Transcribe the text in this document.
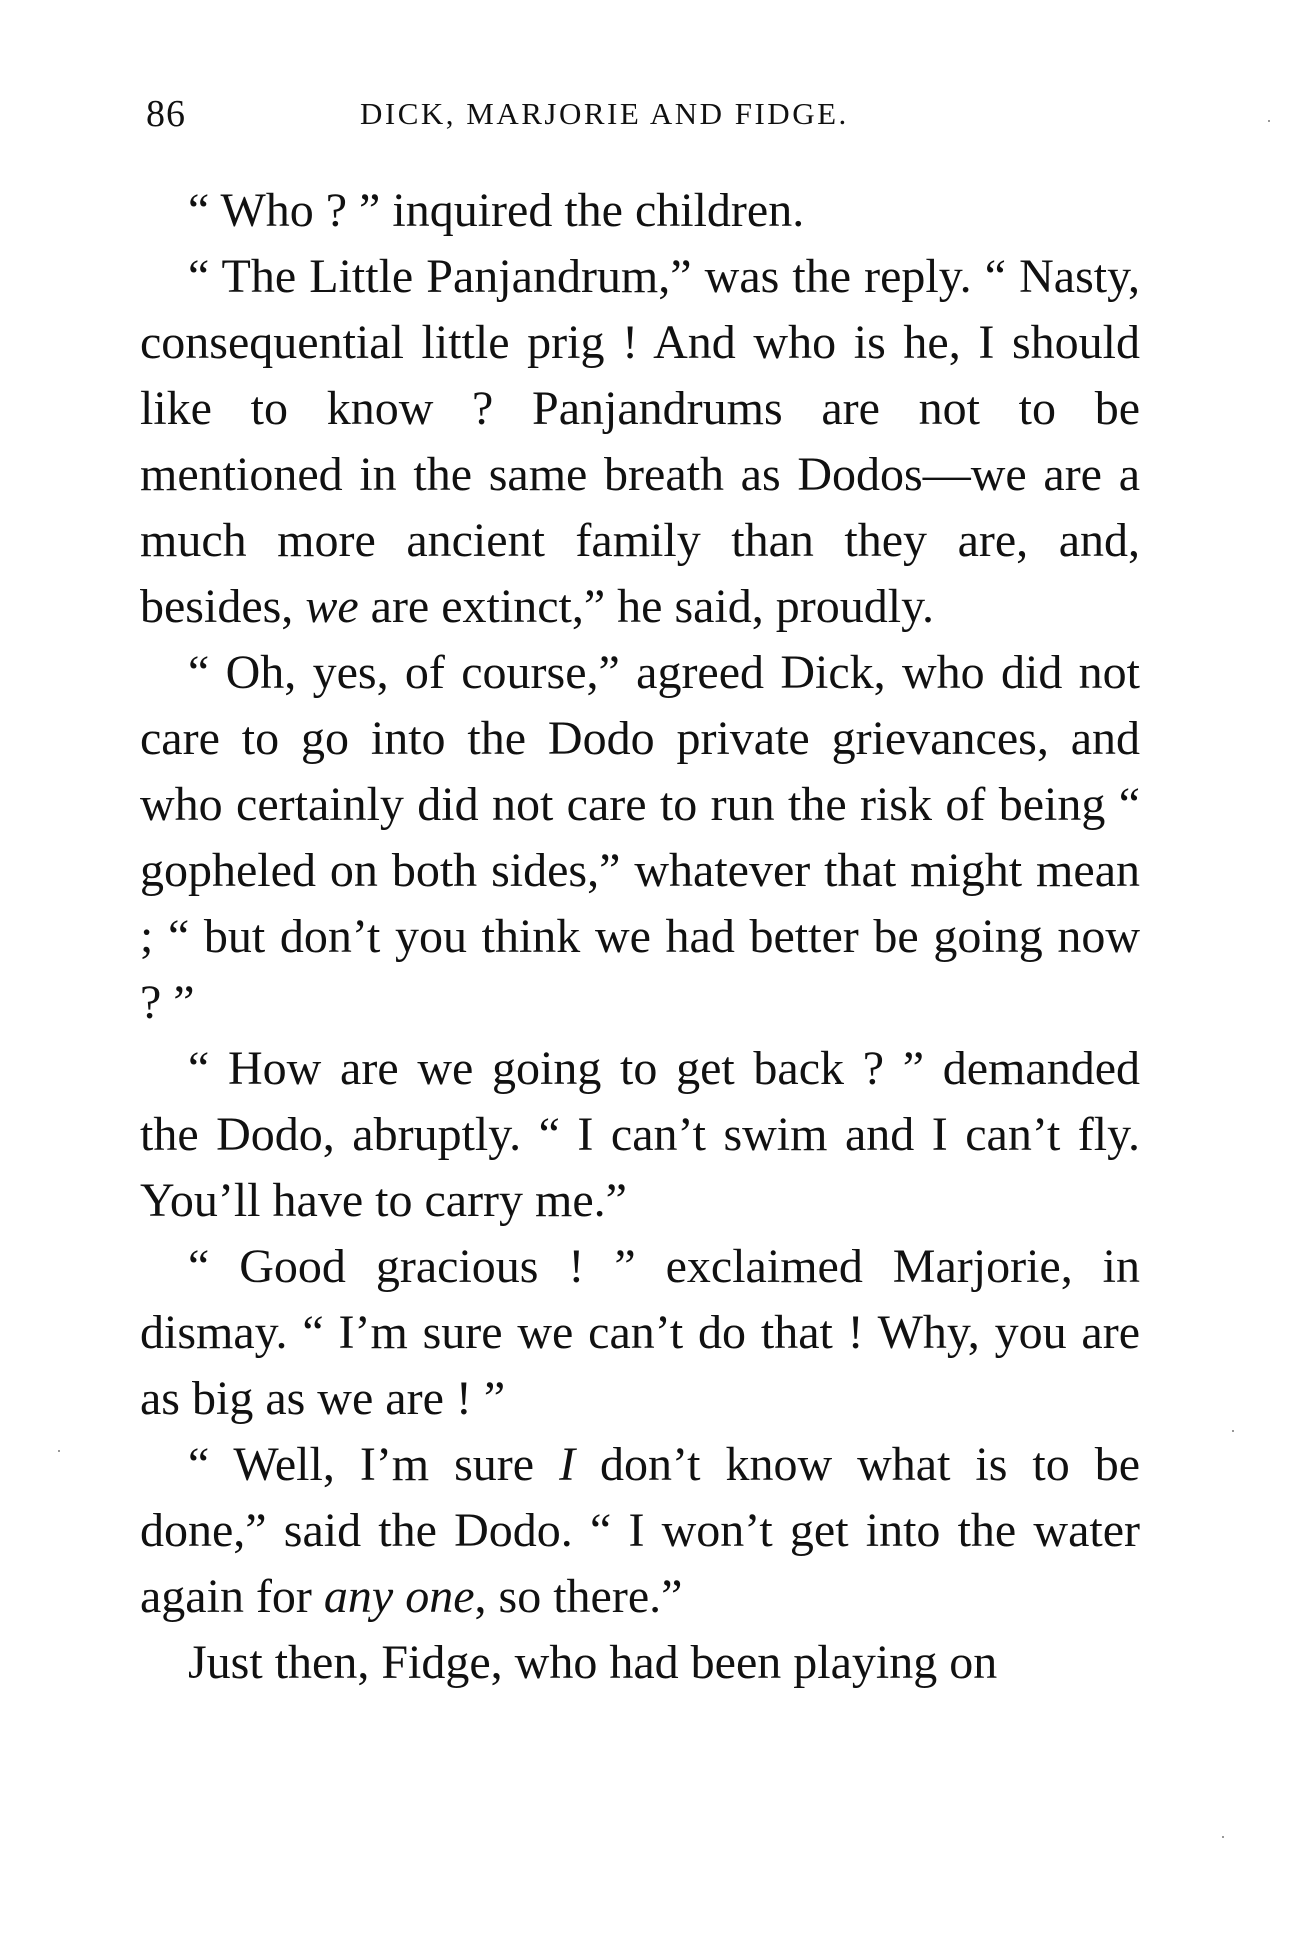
86	DICK, MARJORIE AND FIDGE.

“ Who ? ” inquired the children.

“ The Little Panjandrum,” was the reply. “ Nasty, consequential little prig ! And who is he, I should like to know ? Panjandrums are not to be mentioned in the same breath as Dodos—we are a much more ancient family than they are, and, besides, we are extinct,” he said, proudly.

“ Oh, yes, of course,” agreed Dick, who did not care to go into the Dodo private grievances, and who certainly did not care to run the risk of being “ gopheled on both sides,” whatever that might mean ; “ but don’t you think we had better be going now ? ”

“ How are we going to get back ? ” demanded the Dodo, abruptly. “ I can’t swim and I can’t fly. You’ll have to carry me.”

“ Good gracious ! ” exclaimed Marjorie, in dismay. “ I’m sure we can’t do that ! Why, you are as big as we are ! ”

“ Well, I’m sure I don’t know what is to be done,” said the Dodo. “ I won’t get into the water again for any one, so there.”

Just then, Fidge, who had been playing on
